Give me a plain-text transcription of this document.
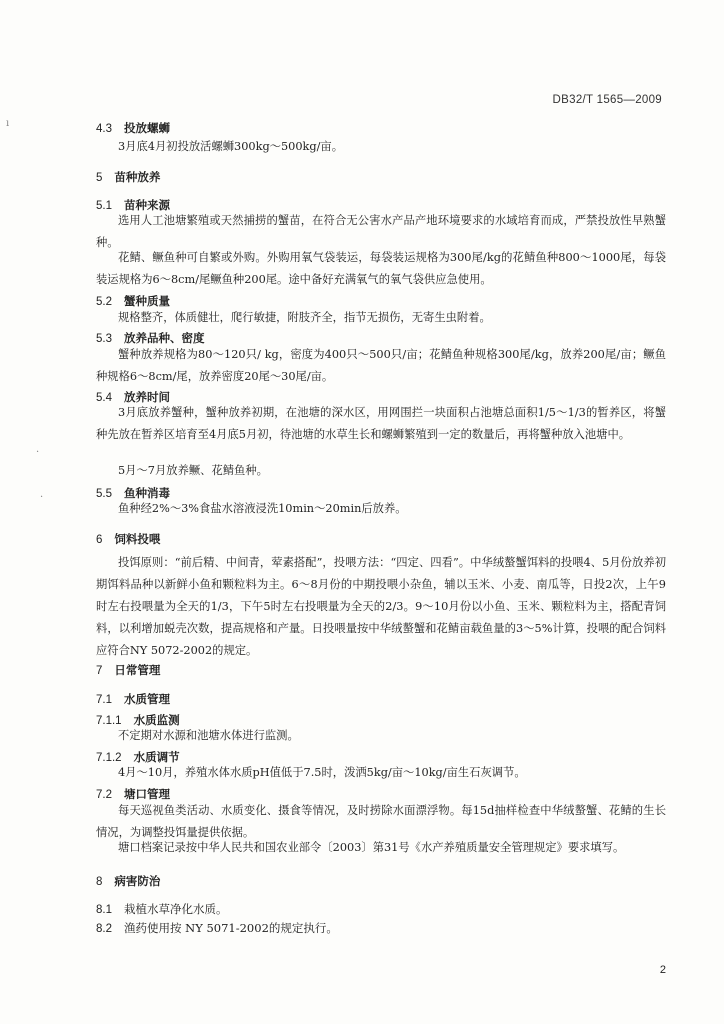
DB32/T 1565—2009
ı
·
·
4.3 投放螺蛳
3月底4月初投放活螺蛳300kg～500kg/亩。
5 苗种放养
5.1 苗种来源
选用人工池塘繁殖或天然捕捞的蟹苗，在符合无公害水产品产地环境要求的水域培育而成，严禁投放性早熟蟹种。
花鲭、鳜鱼种可自繁或外购。外购用氧气袋装运，每袋装运规格为300尾/kg的花鲭鱼种800～1000尾，每袋装运规格为6～8cm/尾鳜鱼种200尾。途中备好充满氧气的氧气袋供应急使用。
5.2 蟹种质量
规格整齐，体质健壮，爬行敏捷，附肢齐全，指节无损伤，无寄生虫附着。
5.3 放养品种、密度
蟹种放养规格为80～120只/ kg，密度为400只～500只/亩；花鲭鱼种规格300尾/kg，放养200尾/亩；鳜鱼种规格6～8cm/尾，放养密度20尾～30尾/亩。
5.4 放养时间
3月底放养蟹种，蟹种放养初期，在池塘的深水区，用网围拦一块面积占池塘总面积1/5～1/3的暂养区，将蟹种先放在暂养区培育至4月底5月初，待池塘的水草生长和螺蛳繁殖到一定的数量后，再将蟹种放入池塘中。
5月～7月放养鳜、花鲭鱼种。
5.5 鱼种消毒
鱼种经2%～3%食盐水溶液浸洗10min～20min后放养。
6 饲料投喂
投饵原则：“前后精、中间青，荤素搭配”，投喂方法：“四定、四看”。中华绒螯蟹饵料的投喂4、5月份放养初期饵料品种以新鲜小鱼和颗粒料为主。6～8月份的中期投喂小杂鱼，辅以玉米、小麦、南瓜等，日投2次，上午9时左右投喂量为全天的1/3，下午5时左右投喂量为全天的2/3。9～10月份以小鱼、玉米、颗粒料为主，搭配青饲料，以利增加蜕壳次数，提高规格和产量。日投喂量按中华绒螯蟹和花鲭亩载鱼量的3～5%计算，投喂的配合饲料应符合NY 5072-2002的规定。
7 日常管理
7.1 水质管理
7.1.1 水质监测
不定期对水源和池塘水体进行监测。
7.1.2 水质调节
4月～10月，养殖水体水质pH值低于7.5时，泼洒5kg/亩～10kg/亩生石灰调节。
7.2 塘口管理
每天巡视鱼类活动、水质变化、摄食等情况，及时捞除水面漂浮物。每15d抽样检查中华绒螯蟹、花鲭的生长情况，为调整投饵量提供依据。
塘口档案记录按中华人民共和国农业部令〔2003〕第31号《水产养殖质量安全管理规定》要求填写。
8 病害防治
8.1 栽植水草净化水质。
8.2 渔药使用按 NY 5071-2002的规定执行。
2
